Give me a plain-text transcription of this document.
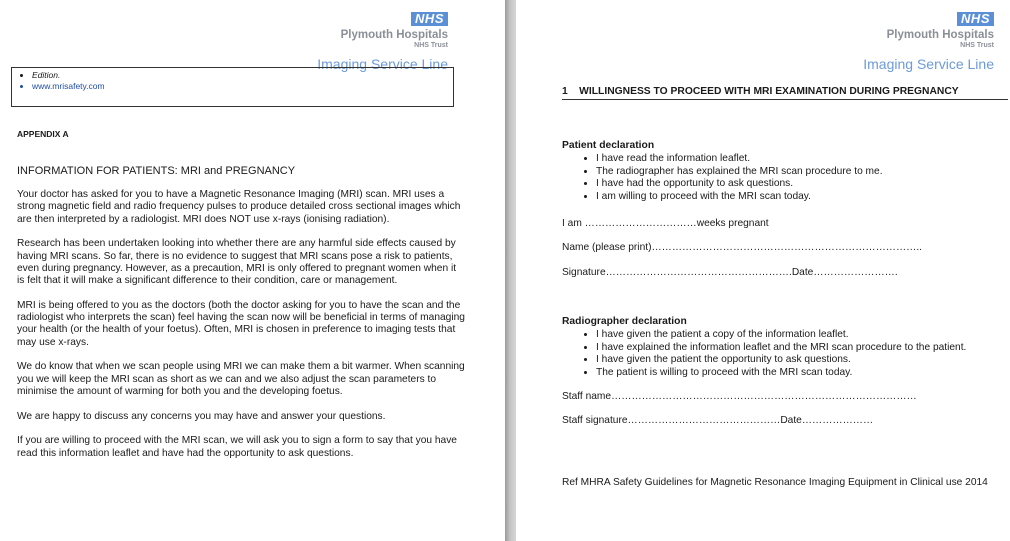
NHS
Plymouth Hospitals
NHS Trust
Imaging Service Line
• Edition.
• www.mrisafety.com
APPENDIX A
INFORMATION FOR PATIENTS: MRI and PREGNANCY

Your doctor has asked for you to have a Magnetic Resonance Imaging (MRI) scan. MRI uses a strong magnetic field and radio frequency pulses to produce detailed cross sectional images which are then interpreted by a radiologist. MRI does NOT use x-rays (ionising radiation).

Research has been undertaken looking into whether there are any harmful side effects caused by having MRI scans. So far, there is no evidence to suggest that MRI scans pose a risk to patients, even during pregnancy. However, as a precaution, MRI is only offered to pregnant women when it is felt that it will make a significant difference to their condition, care or management.

MRI is being offered to you as the doctors (both the doctor asking for you to have the scan and the radiologist who interprets the scan) feel having the scan now will be beneficial in terms of managing your health (or the health of your foetus). Often, MRI is chosen in preference to imaging tests that may use x-rays.

We do know that when we scan people using MRI we can make them a bit warmer. When scanning you we will keep the MRI scan as short as we can and we also adjust the scan parameters to minimise the amount of warming for both you and the developing foetus.

We are happy to discuss any concerns you may have and answer your questions.

If you are willing to proceed with the MRI scan, we will ask you to sign a form to say that you have read this information leaflet and have had the opportunity to ask questions.

NHS
Plymouth Hospitals
NHS Trust
Imaging Service Line
1    WILLINGNESS TO PROCEED WITH MRI EXAMINATION DURING PREGNANCY
Patient declaration
• I have read the information leaflet.
• The radiographer has explained the MRI scan procedure to me.
• I have had the opportunity to ask questions.
• I am willing to proceed with the MRI scan today.
I am ……………………………weeks pregnant
Name (please print)……………………………………………………………………..
Signature……………………………………………….Date…………………….
Radiographer declaration
• I have given the patient a copy of the information leaflet.
• I have explained the information leaflet and the MRI scan procedure to the patient.
• I have given the patient the opportunity to ask questions.
• The patient is willing to proceed with the MRI scan today.
Staff name………………………………………………………………………………
Staff signature………………………………………Date…………………
Ref MHRA Safety Guidelines for Magnetic Resonance Imaging Equipment in Clinical use 2014
